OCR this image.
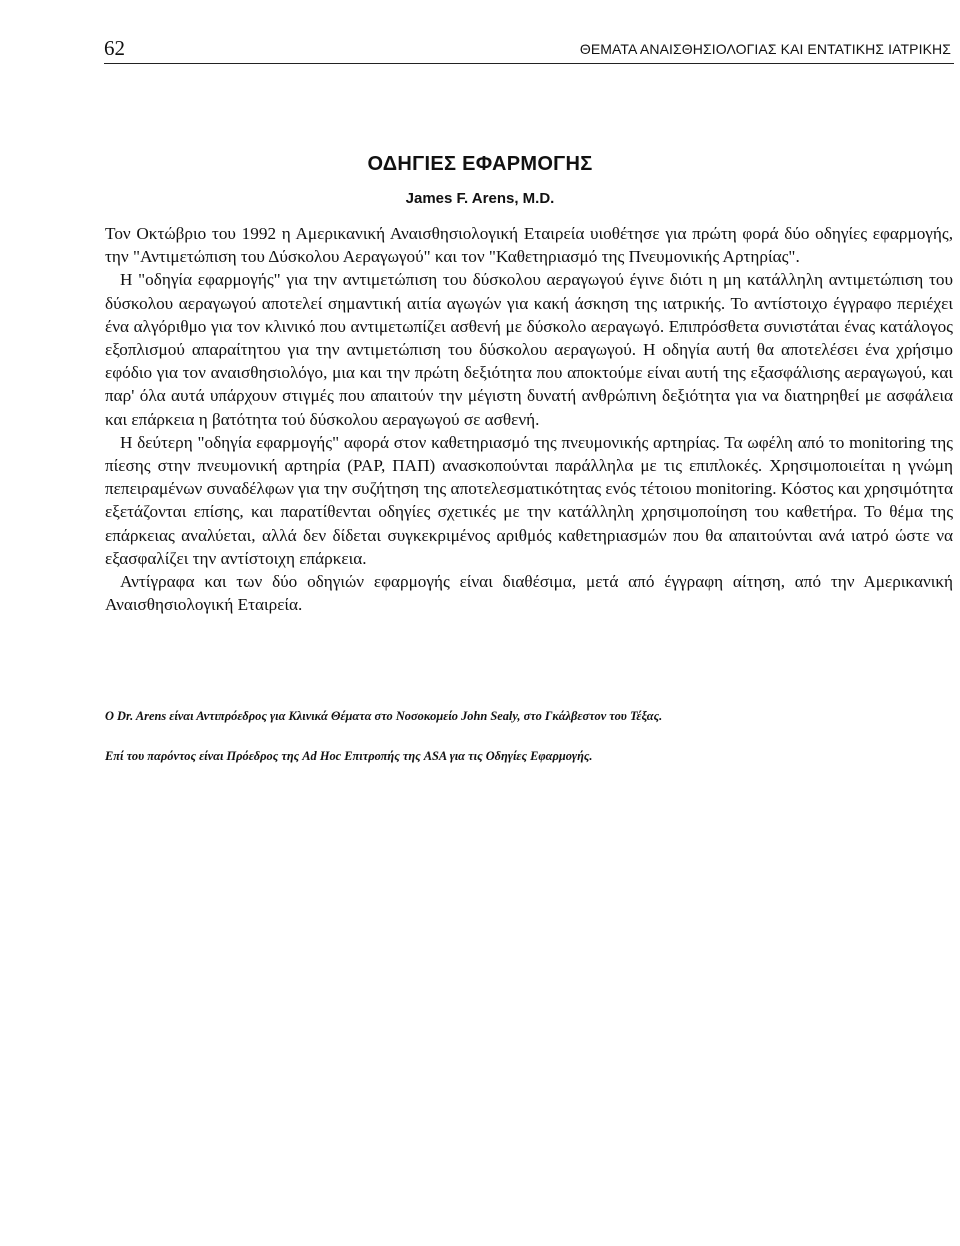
62	ΘΕΜΑΤΑ ΑΝΑΙΣΘΗΣΙΟΛΟΓΙΑΣ ΚΑΙ ΕΝΤΑΤΙΚΗΣ ΙΑΤΡΙΚΗΣ
ΟΔΗΓΙΕΣ ΕΦΑΡΜΟΓΗΣ
James F. Arens, M.D.

Τον Οκτώβριο του 1992 η Αμερικανική Αναισθησιολογική Εταιρεία υιοθέτησε για πρώτη φορά δύο οδηγίες εφαρμογής, την "Αντιμετώπιση του Δύσκολου Αεραγωγού" και τον "Καθετηριασμό της Πνευμονικής Αρτηρίας".

Η "οδηγία εφαρμογής" για την αντιμετώπιση του δύσκολου αεραγωγού έγινε διότι η μη κατάλληλη αντιμετώπιση του δύσκολου αεραγωγού αποτελεί σημαντική αιτία αγωγών για κακή άσκηση της ιατρικής. Το αντίστοιχο έγγραφο περιέχει ένα αλγόριθμο για τον κλινικό που αντιμετωπίζει ασθενή με δύσκολο αεραγωγό. Επιπρόσθετα συνιστάται ένας κατάλογος εξοπλισμού απαραίτητου για την αντιμετώπιση του δύσκολου αεραγωγού. Η οδηγία αυτή θα αποτελέσει ένα χρήσιμο εφόδιο για τον αναισθησιολόγο, μια και την πρώτη δεξιότητα που αποκτούμε είναι αυτή της εξασφάλισης αεραγωγού, και παρ' όλα αυτά υπάρχουν στιγμές που απαιτούν την μέγιστη δυνατή ανθρώπινη δεξιότητα για να διατηρηθεί με ασφάλεια και επάρκεια η βατότητα τού δύσκολου αεραγωγού σε ασθενή.

Η δεύτερη "οδηγία εφαρμογής" αφορά στον καθετηριασμό της πνευμονικής αρτηρίας. Τα ωφέλη από το monitoring της πίεσης στην πνευμονική αρτηρία (PAP, ΠΑΠ) ανασκοπούνται παράλληλα με τις επιπλοκές. Χρησιμοποιείται η γνώμη πεπειραμένων συναδέλφων για την συζήτηση της αποτελεσματικότητας ενός τέτοιου monitoring. Κόστος και χρησιμότητα εξετάζονται επίσης, και παρατίθενται οδηγίες σχετικές με την κατάλληλη χρησιμοποίηση του καθετήρα. Το θέμα της επάρκειας αναλύεται, αλλά δεν δίδεται συγκεκριμένος αριθμός καθετηριασμών που θα απαιτούνται ανά ιατρό ώστε να εξασφαλίζει την αντίστοιχη επάρκεια.

Αντίγραφα και των δύο οδηγιών εφαρμογής είναι διαθέσιμα, μετά από έγγραφη αίτηση, από την Αμερικανική Αναισθησιολογική Εταιρεία.

Ο Dr. Arens είναι Αντιπρόεδρος για Κλινικά Θέματα στο Νοσοκομείο John Sealy, στο Γκάλβεστον του Τέξας.

Επί του παρόντος είναι Πρόεδρος της Ad Hoc Επιτροπής της ASA για τις Οδηγίες Εφαρμογής.
